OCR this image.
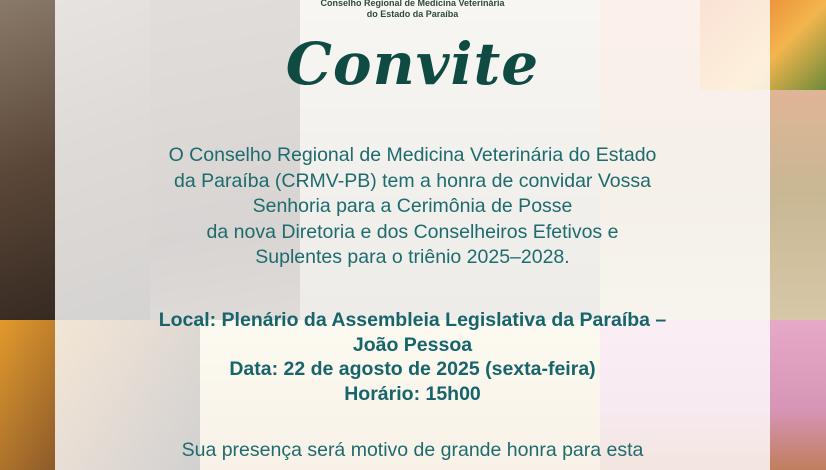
Conselho Regional de Medicina Veterinária
do Estado da Paraíba
Convite
O Conselho Regional de Medicina Veterinária do Estado
da Paraíba (CRMV-PB) tem a honra de convidar Vossa
Senhoria para a Cerimônia de Posse
da nova Diretoria e dos Conselheiros Efetivos e
Suplentes para o triênio 2025–2028.
Local: Plenário da Assembleia Legislativa da Paraíba –
João Pessoa
Data: 22 de agosto de 2025 (sexta-feira)
Horário: 15h00
Sua presença será motivo de grande honra para esta
